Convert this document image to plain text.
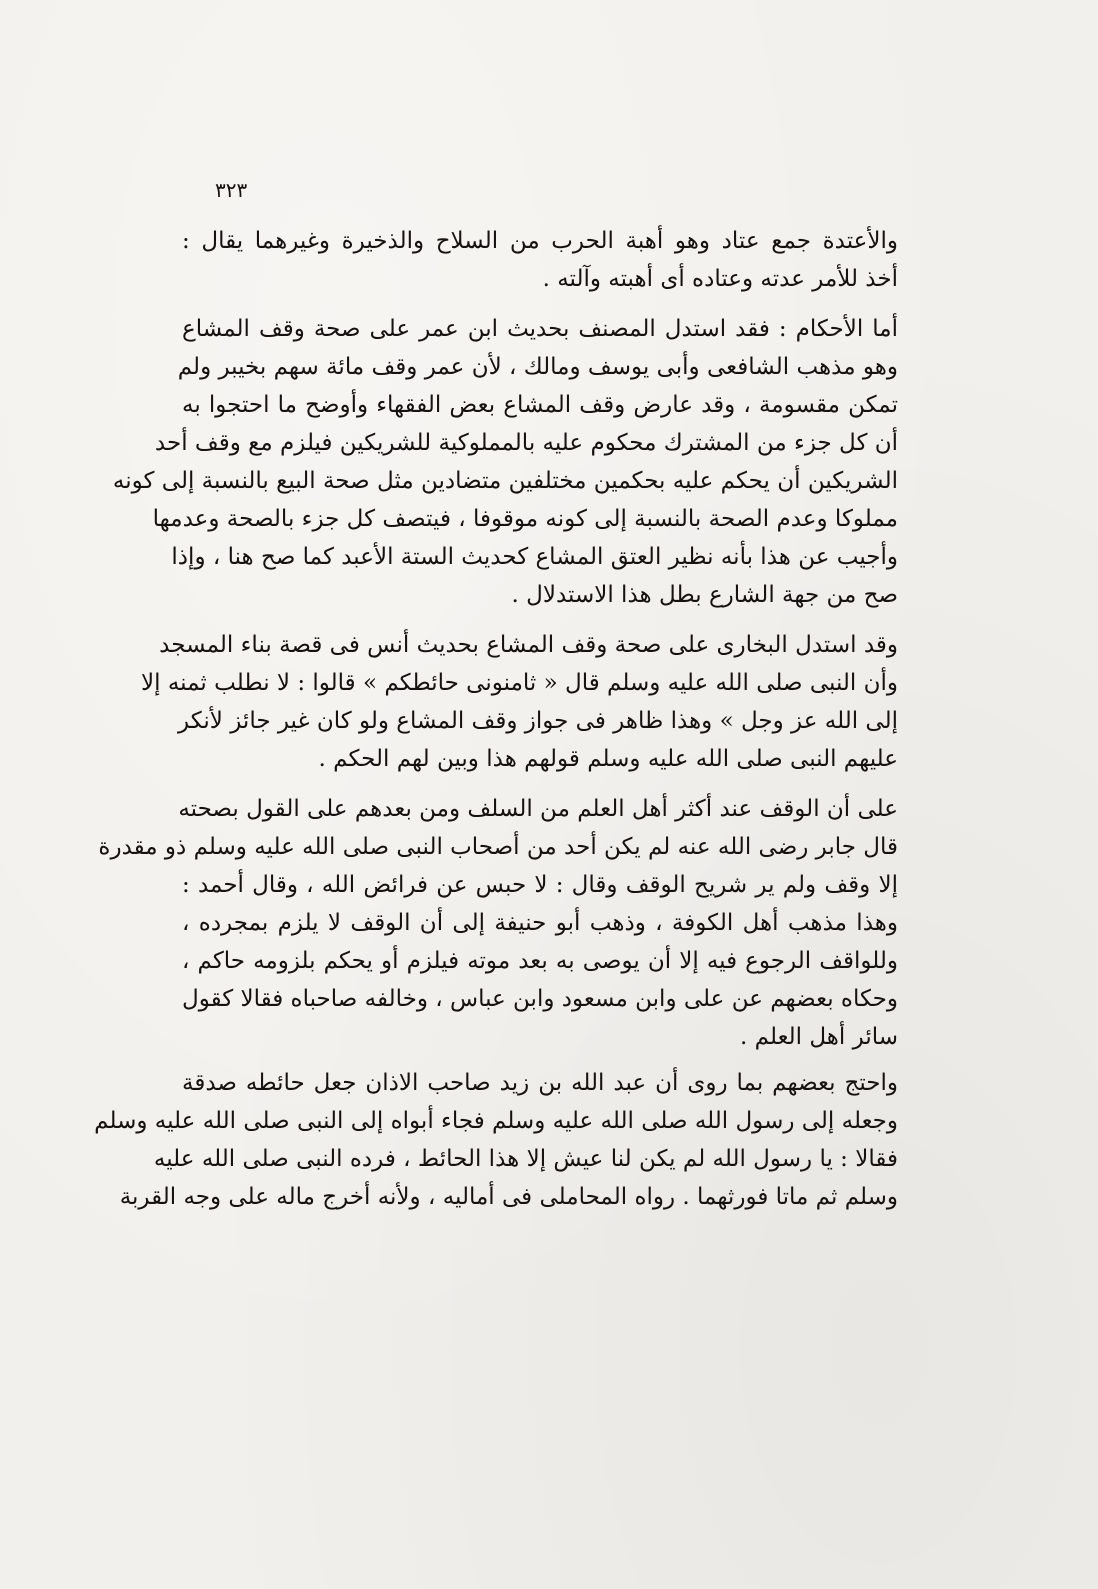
٣٢٣
والأعتدة جمع عتاد وهو أهبة الحرب من السلاح والذخيرة وغيرهما يقال :
أخذ للأمر عدته وعتاده أى أهبته وآلته .
أما الأحكام : فقد استدل المصنف بحديث ابن عمر على صحة وقف المشاع
وهو مذهب الشافعى وأبى يوسف ومالك ، لأن عمر وقف مائة سهم بخيبر ولم
تمكن مقسومة ، وقد عارض وقف المشاع بعض الفقهاء وأوضح ما احتجوا به
أن كل جزء من المشترك محكوم عليه بالمملوكية للشريكين فيلزم مع وقف أحد
الشريكين أن يحكم عليه بحكمين مختلفين متضادين مثل صحة البيع بالنسبة إلى كونه
مملوكا وعدم الصحة بالنسبة إلى كونه موقوفا ، فيتصف كل جزء بالصحة وعدمها
وأجيب عن هذا بأنه نظير العتق المشاع كحديث الستة الأعبد كما صح هنا ، وإذا
صح من جهة الشارع بطل هذا الاستدلال .
وقد استدل البخارى على صحة وقف المشاع بحديث أنس فى قصة بناء المسجد
وأن النبى صلى الله عليه وسلم قال « ثامنونى حائطكم » قالوا : لا نطلب ثمنه إلا
إلى الله عز وجل » وهذا ظاهر فى جواز وقف المشاع ولو كان غير جائز لأنكر
عليهم النبى صلى الله عليه وسلم قولهم هذا وبين لهم الحكم .
على أن الوقف عند أكثر أهل العلم من السلف ومن بعدهم على القول بصحته
قال جابر رضى الله عنه لم يكن أحد من أصحاب النبى صلى الله عليه وسلم ذو مقدرة
إلا وقف ولم ير شريح الوقف وقال : لا حبس عن فرائض الله ، وقال أحمد :
وهذا مذهب أهل الكوفة ، وذهب أبو حنيفة إلى أن الوقف لا يلزم بمجرده ،
وللواقف الرجوع فيه إلا أن يوصى به بعد موته فيلزم أو يحكم بلزومه حاكم ،
وحكاه بعضهم عن على وابن مسعود وابن عباس ، وخالفه صاحباه فقالا كقول
سائر أهل العلم .
واحتج بعضهم بما روى أن عبد الله بن زيد صاحب الاذان جعل حائطه صدقة
وجعله إلى رسول الله صلى الله عليه وسلم فجاء أبواه إلى النبى صلى الله عليه وسلم
فقالا : يا رسول الله لم يكن لنا عيش إلا هذا الحائط ، فرده النبى صلى الله عليه
وسلم ثم ماتا فورثهما . رواه المحاملى فى أماليه ، ولأنه أخرج ماله على وجه القربة
